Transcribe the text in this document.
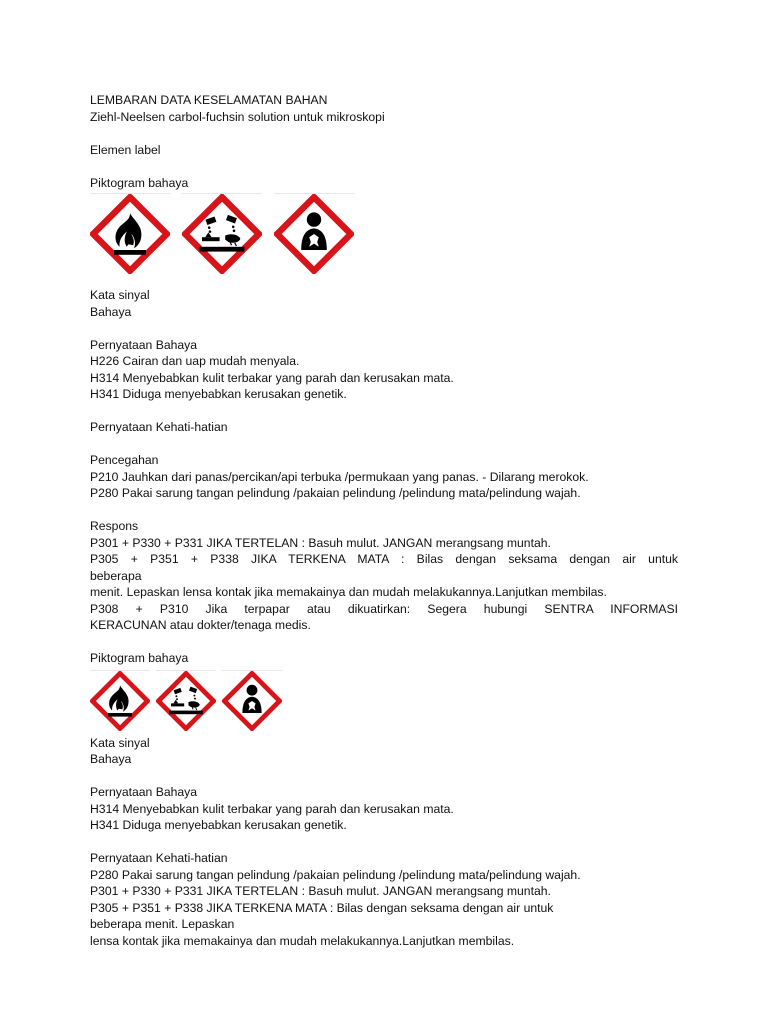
LEMBARAN DATA KESELAMATAN BAHAN
Ziehl-Neelsen carbol-fuchsin solution untuk mikroskopi
Elemen label
Piktogram bahaya
Kata sinyal
Bahaya
Pernyataan Bahaya
H226 Cairan dan uap mudah menyala.
H314 Menyebabkan kulit terbakar yang parah dan kerusakan mata.
H341 Diduga menyebabkan kerusakan genetik.
Pernyataan Kehati-hatian
Pencegahan
P210 Jauhkan dari panas/percikan/api terbuka /permukaan yang panas. - Dilarang merokok.
P280 Pakai sarung tangan pelindung /pakaian pelindung /pelindung mata/pelindung wajah.
Respons
P301 + P330 + P331 JIKA TERTELAN : Basuh mulut. JANGAN merangsang muntah.
P305 + P351 + P338 JIKA TERKENA MATA : Bilas dengan seksama dengan air untuk
beberapa
menit. Lepaskan lensa kontak jika memakainya dan mudah melakukannya.Lanjutkan membilas.
P308 + P310 Jika terpapar atau dikuatirkan: Segera hubungi SENTRA INFORMASI
KERACUNAN atau dokter/tenaga medis.
Piktogram bahaya
Kata sinyal
Bahaya
Pernyataan Bahaya
H314 Menyebabkan kulit terbakar yang parah dan kerusakan mata.
H341 Diduga menyebabkan kerusakan genetik.
Pernyataan Kehati-hatian
P280 Pakai sarung tangan pelindung /pakaian pelindung /pelindung mata/pelindung wajah.
P301 + P330 + P331 JIKA TERTELAN : Basuh mulut. JANGAN merangsang muntah.
P305 + P351 + P338 JIKA TERKENA MATA : Bilas dengan seksama dengan air untuk
beberapa menit. Lepaskan
lensa kontak jika memakainya dan mudah melakukannya.Lanjutkan membilas.
